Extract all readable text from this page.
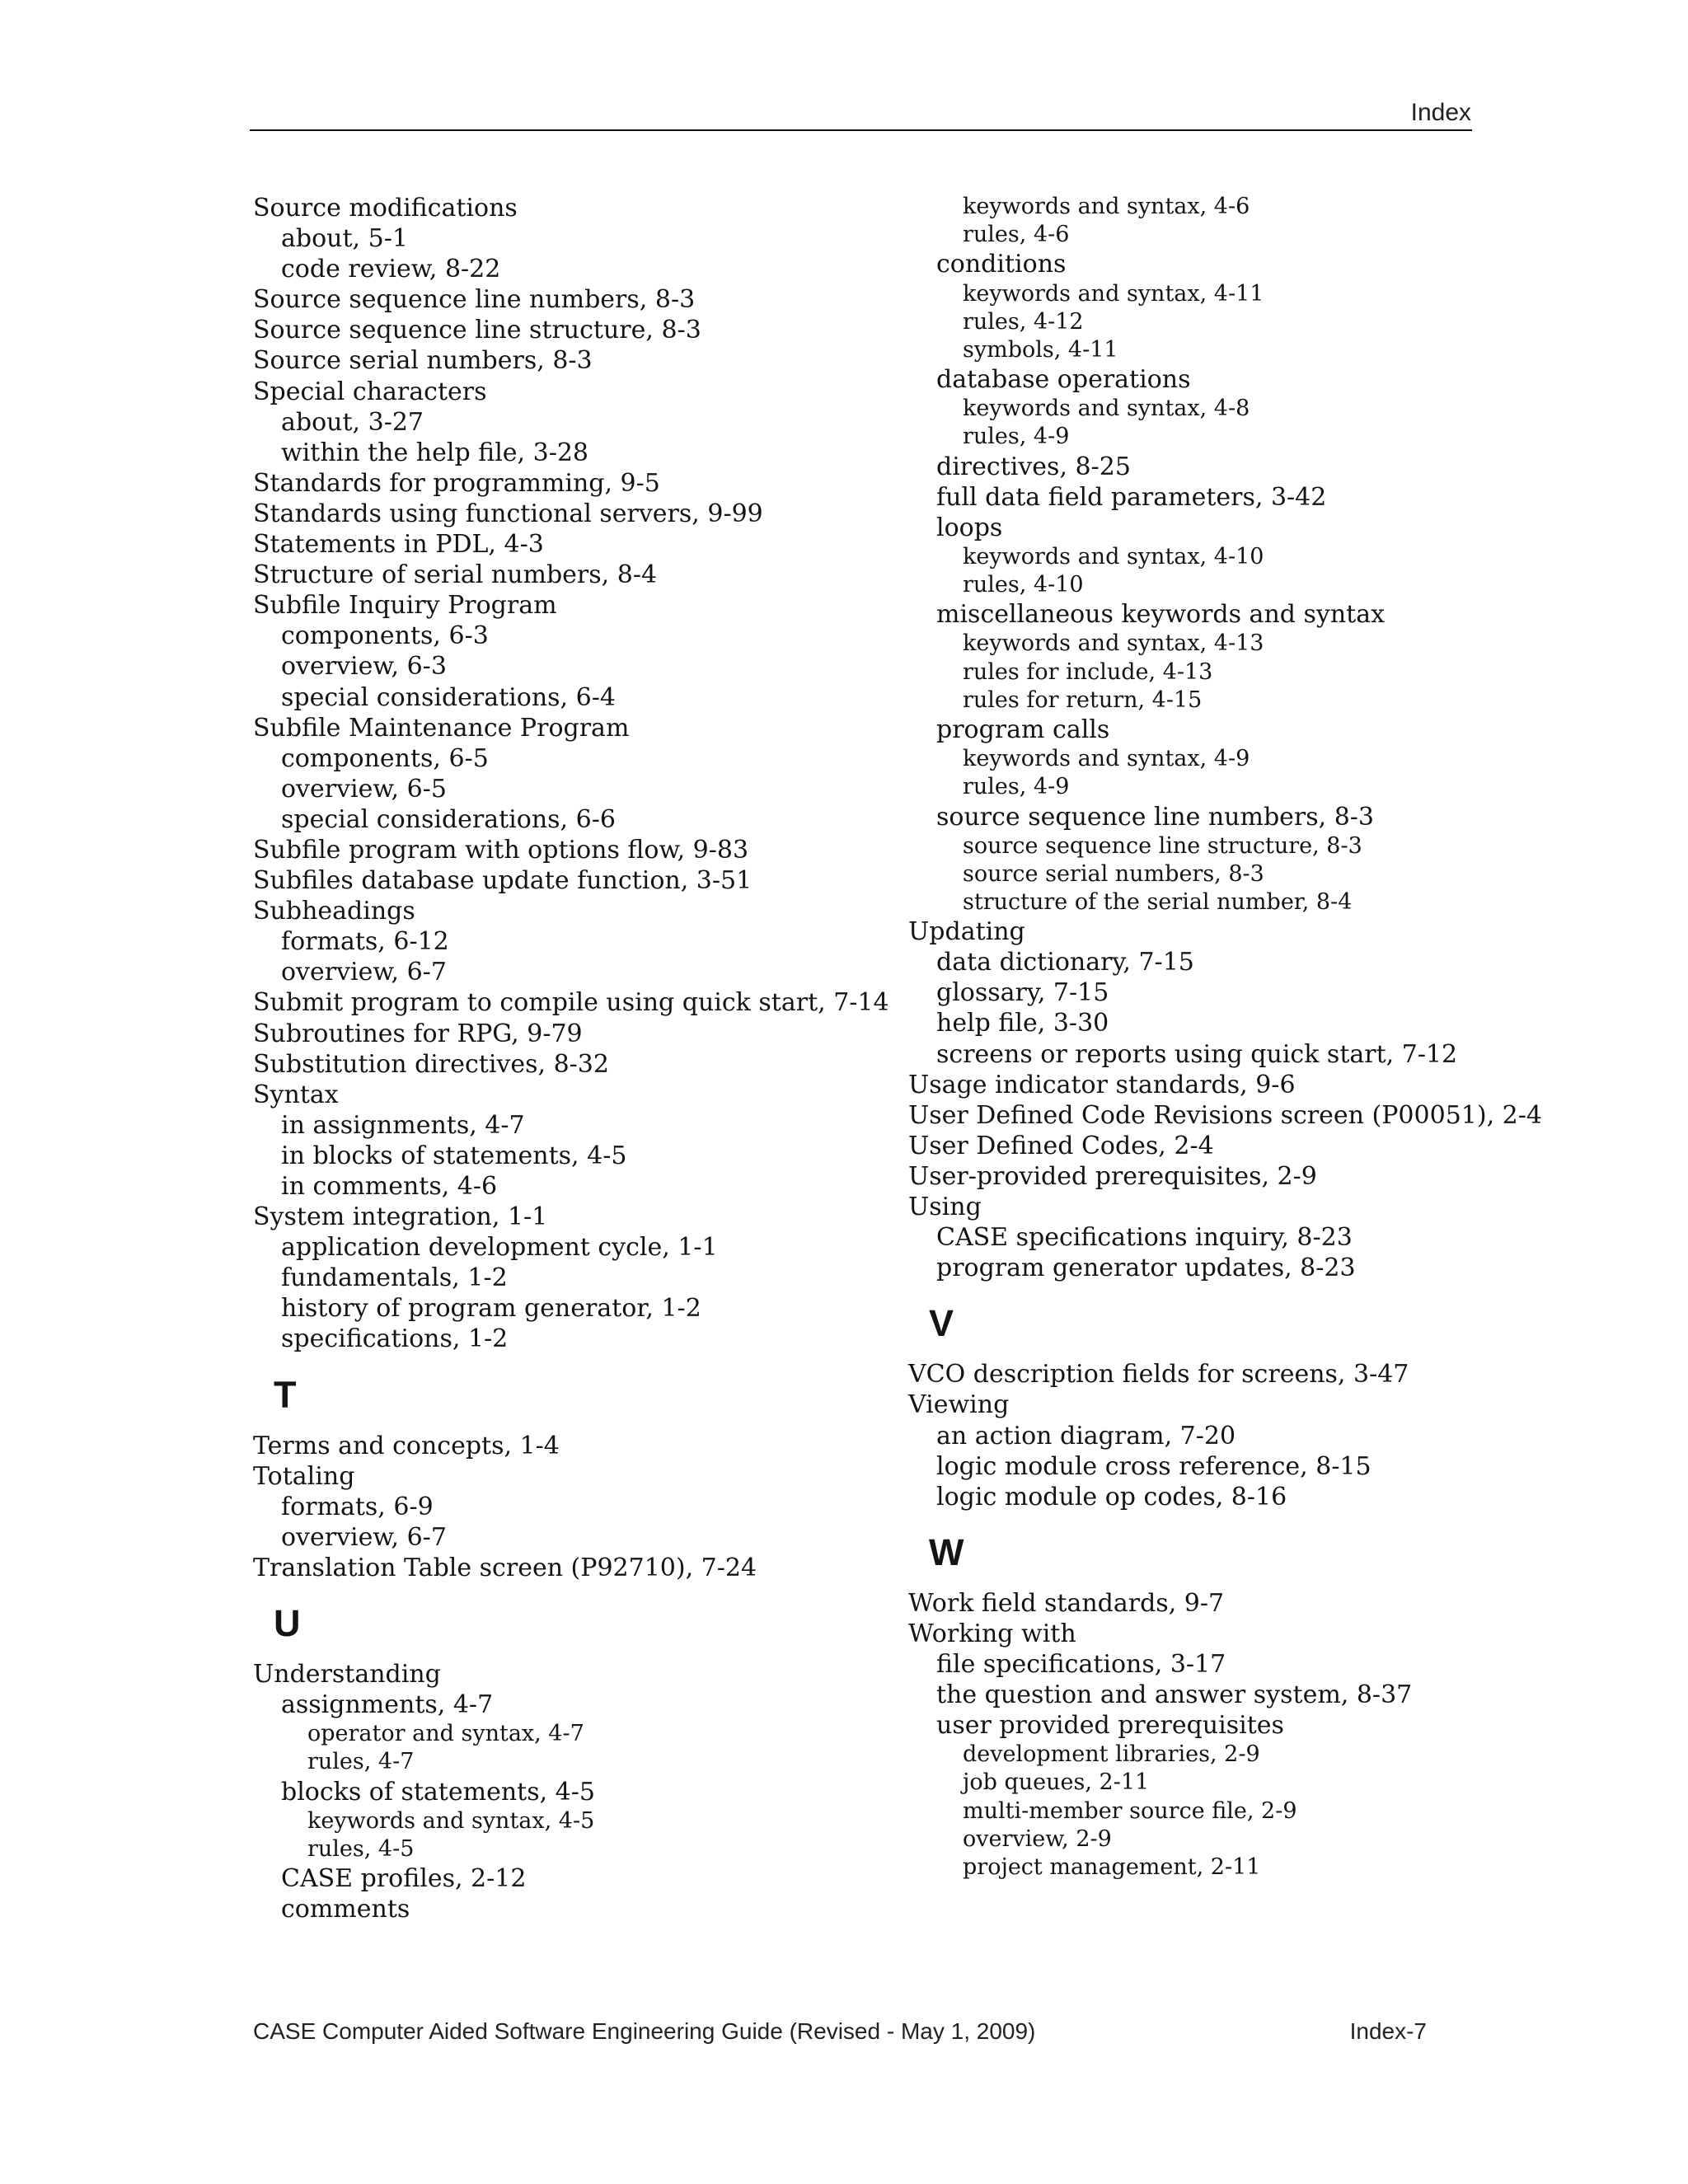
Index
Source modifications
about, 5-1
code review, 8-22
Source sequence line numbers, 8-3
Source sequence line structure, 8-3
Source serial numbers, 8-3
Special characters
about, 3-27
within the help file, 3-28
Standards for programming, 9-5
Standards using functional servers, 9-99
Statements in PDL, 4-3
Structure of serial numbers, 8-4
Subfile Inquiry Program
components, 6-3
overview, 6-3
special considerations, 6-4
Subfile Maintenance Program
components, 6-5
overview, 6-5
special considerations, 6-6
Subfile program with options flow, 9-83
Subfiles database update function, 3-51
Subheadings
formats, 6-12
overview, 6-7
Submit program to compile using quick start, 7-14
Subroutines for RPG, 9-79
Substitution directives, 8-32
Syntax
in assignments, 4-7
in blocks of statements, 4-5
in comments, 4-6
System integration, 1-1
application development cycle, 1-1
fundamentals, 1-2
history of program generator, 1-2
specifications, 1-2
T
Terms and concepts, 1-4
Totaling
formats, 6-9
overview, 6-7
Translation Table screen (P92710), 7-24
U
Understanding
assignments, 4-7
operator and syntax, 4-7
rules, 4-7
blocks of statements, 4-5
keywords and syntax, 4-5
rules, 4-5
CASE profiles, 2-12
comments
keywords and syntax, 4-6
rules, 4-6
conditions
keywords and syntax, 4-11
rules, 4-12
symbols, 4-11
database operations
keywords and syntax, 4-8
rules, 4-9
directives, 8-25
full data field parameters, 3-42
loops
keywords and syntax, 4-10
rules, 4-10
miscellaneous keywords and syntax
keywords and syntax, 4-13
rules for include, 4-13
rules for return, 4-15
program calls
keywords and syntax, 4-9
rules, 4-9
source sequence line numbers, 8-3
source sequence line structure, 8-3
source serial numbers, 8-3
structure of the serial number, 8-4
Updating
data dictionary, 7-15
glossary, 7-15
help file, 3-30
screens or reports using quick start, 7-12
Usage indicator standards, 9-6
User Defined Code Revisions screen (P00051), 2-4
User Defined Codes, 2-4
User-provided prerequisites, 2-9
Using
CASE specifications inquiry, 8-23
program generator updates, 8-23
V
VCO description fields for screens, 3-47
Viewing
an action diagram, 7-20
logic module cross reference, 8-15
logic module op codes, 8-16
W
Work field standards, 9-7
Working with
file specifications, 3-17
the question and answer system, 8-37
user provided prerequisites
development libraries, 2-9
job queues, 2-11
multi-member source file, 2-9
overview, 2-9
project management, 2-11
CASE Computer Aided Software Engineering Guide (Revised - May 1, 2009)	Index-7
